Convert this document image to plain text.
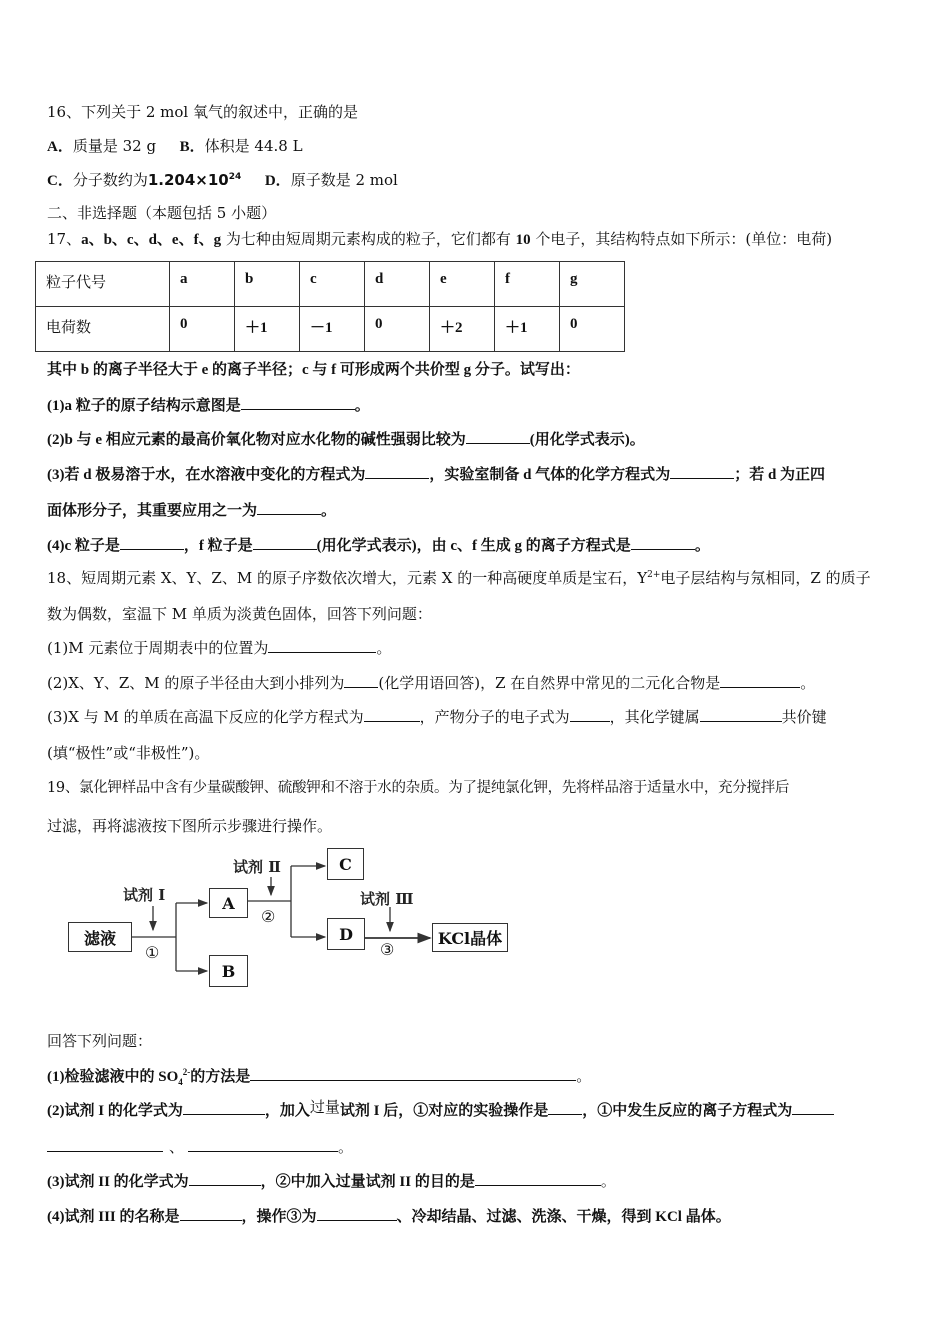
16、下列关于 2 mol 氧气的叙述中，正确的是
A．质量是 32 g B．体积是 44.8 L
C．分子数约为$1.204\times 10^{24}$ D．原子数是 2 mol
二、非选择题（本题包括 5 小题）
17、a、b、c、d、e、f、g 为七种由短周期元素构成的粒子，它们都有 10 个电子，其结构特点如下所示：(单位：电荷)
粒子代号	a	b	c	d	e	f	g
电荷数	0	＋1	－1	0	＋2	＋1	0
其中 b 的离子半径大于 e 的离子半径；c 与 f 可形成两个共价型 g 分子。试写出：
(1)a 粒子的原子结构示意图是	。
(2)b 与 e 相应元素的最高价氧化物对应水化物的碱性强弱比较为	(用化学式表示)。
(3)若 d 极易溶于水，在水溶液中变化的方程式为	，实验室制备 d 气体的化学方程式为	；若 d 为正四
面体形分子，其重要应用之一为	。
(4)c 粒子是	，f 粒子是	(用化学式表示)，由 c、f 生成 g 的离子方程式是	。
18、短周期元素 X、Y、Z、M 的原子序数依次增大，元素 X 的一种高硬度单质是宝石，$Y^{2+}$电子层结构与氖相同，Z 的质子
数为偶数，室温下 M 单质为淡黄色固体，回答下列问题：
(1)M 元素位于周期表中的位置为	。
(2)X、Y、Z、M 的原子半径由大到小排列为 (化学用语回答)，Z 在自然界中常见的二元化合物是	。
(3)X 与 M 的单质在高温下反应的化学方程式为	，产物分子的电子式为	，其化学键属	共价键
(填“极性”或“非极性”)。
19、氯化钾样品中含有少量碳酸钾、硫酸钾和不溶于水的杂质。为了提纯氯化钾，先将样品溶于适量水中，充分搅拌后
过滤，再将滤液按下图所示步骤进行操作。
滤液
A
B
C
D	KCl晶体
试剂 Ⅰ
试剂 Ⅱ
试剂 Ⅲ
①
②
③
回答下列问题：
(1)检验滤液中的 $SO_4^{2-}$的方法是	。
(2)试剂 I 的化学式为	，加入过量试剂 I 后，①对应的实验操作是 ，①中发生反应的离子方程式为
、	。
(3)试剂 II 的化学式为	，②中加入过量试剂 II 的目的是	。
(4)试剂 III 的名称是	，操作③为	、冷却结晶、过滤、洗涤、干燥，得到 KCl 晶体。
